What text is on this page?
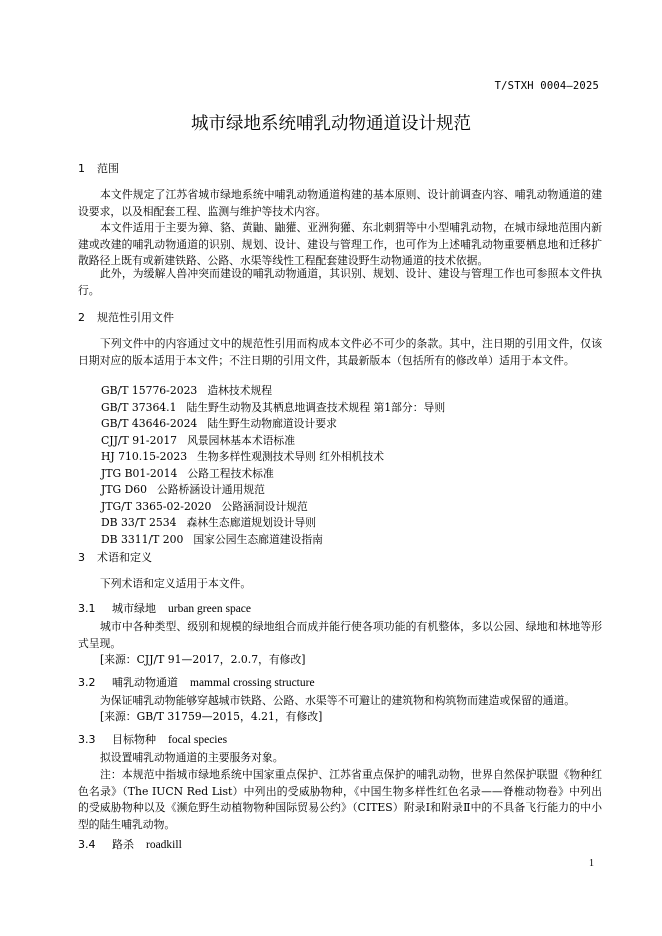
T/STXH 0004—2025
城市绿地系统哺乳动物通道设计规范
1 范围
本文件规定了江苏省城市绿地系统中哺乳动物通道构建的基本原则、设计前调查内容、哺乳动物通道的建设要求，以及相配套工程、监测与维护等技术内容。
本文件适用于主要为獐、貉、黄鼬、鼬獾、亚洲狗獾、东北刺猬等中小型哺乳动物，在城市绿地范围内新建或改建的哺乳动物通道的识别、规划、设计、建设与管理工作，也可作为上述哺乳动物重要栖息地和迁移扩散路径上既有或新建铁路、公路、水渠等线性工程配套建设野生动物通道的技术依据。
此外，为缓解人兽冲突而建设的哺乳动物通道，其识别、规划、设计、建设与管理工作也可参照本文件执行。
2 规范性引用文件
下列文件中的内容通过文中的规范性引用而构成本文件必不可少的条款。其中，注日期的引用文件，仅该日期对应的版本适用于本文件；不注日期的引用文件，其最新版本（包括所有的修改单）适用于本文件。
GB/T 15776-2023 造林技术规程
GB/T 37364.1 陆生野生动物及其栖息地调查技术规程 第1部分：导则
GB/T 43646-2024 陆生野生动物廊道设计要求
CJJ/T 91-2017 风景园林基本术语标准
HJ 710.15-2023 生物多样性观测技术导则 红外相机技术
JTG B01-2014 公路工程技术标准
JTG D60 公路桥涵设计通用规范
JTG/T 3365-02-2020 公路涵洞设计规范
DB 33/T 2534 森林生态廊道规划设计导则
DB 3311/T 200 国家公园生态廊道建设指南
3 术语和定义
下列术语和定义适用于本文件。
3.1 城市绿地 urban green space
城市中各种类型、级别和规模的绿地组合而成并能行使各项功能的有机整体，多以公园、绿地和林地等形式呈现。
[来源：CJJ/T 91—2017，2.0.7，有修改]
3.2 哺乳动物通道 mammal crossing structure
为保证哺乳动物能够穿越城市铁路、公路、水渠等不可避让的建筑物和构筑物而建造或保留的通道。
[来源：GB/T 31759—2015，4.21，有修改]
3.3 目标物种 focal species
拟设置哺乳动物通道的主要服务对象。
注：本规范中指城市绿地系统中国家重点保护、江苏省重点保护的哺乳动物，世界自然保护联盟《物种红色名录》（The IUCN Red List）中列出的受威胁物种，《中国生物多样性红色名录——脊椎动物卷》中列出的受威胁物种以及《濒危野生动植物物种国际贸易公约》（CITES）附录Ⅰ和附录Ⅱ中的不具备飞行能力的中小型的陆生哺乳动物。
3.4 路杀 roadkill
1
